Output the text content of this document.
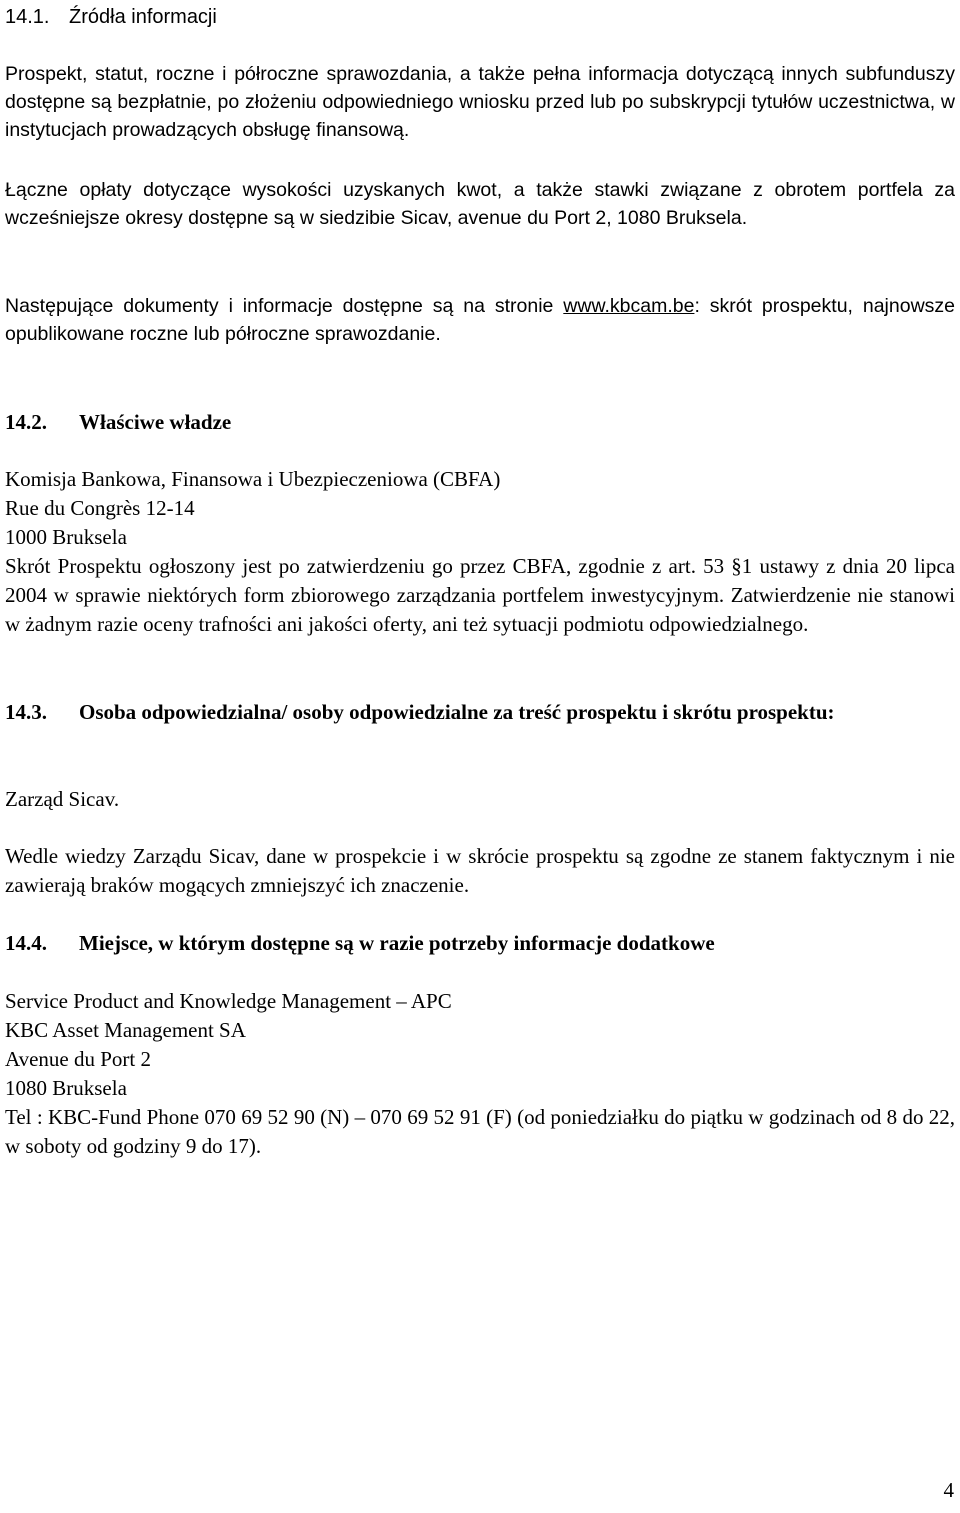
14.1. Źródła informacji

Prospekt, statut, roczne i półroczne sprawozdania, a także pełna informacja dotyczącą innych subfunduszy dostępne są bezpłatnie, po złożeniu odpowiedniego wniosku przed lub po subskrypcji tytułów uczestnictwa, w instytucjach prowadzących obsługę finansową.

Łączne opłaty dotyczące wysokości uzyskanych kwot, a także stawki związane z obrotem portfela za wcześniejsze okresy dostępne są w siedzibie Sicav, avenue du Port 2, 1080 Bruksela.

Następujące dokumenty i informacje dostępne są na stronie www.kbcam.be: skrót prospektu, najnowsze opublikowane roczne lub półroczne sprawozdanie.

14.2. Właściwe władze
Komisja Bankowa, Finansowa i Ubezpieczeniowa (CBFA)
Rue du Congrès 12-14
1000 Bruksela

Skrót Prospektu ogłoszony jest po zatwierdzeniu go przez CBFA, zgodnie z art. 53 §1 ustawy z dnia 20 lipca 2004 w sprawie niektórych form zbiorowego zarządzania portfelem inwestycyjnym. Zatwierdzenie nie stanowi w żadnym razie oceny trafności ani jakości oferty, ani też sytuacji podmiotu odpowiedzialnego.

14.3. Osoba odpowiedzialna/ osoby odpowiedzialne za treść prospektu i skrótu prospektu:

Zarząd Sicav.

Wedle wiedzy Zarządu Sicav, dane w prospekcie i w skrócie prospektu są zgodne ze stanem faktycznym i nie zawierają braków mogących zmniejszyć ich znaczenie.

14.4. Miejsce, w którym dostępne są w razie potrzeby informacje dodatkowe
Service Product and Knowledge Management – APC
KBC Asset Management SA
Avenue du Port 2
1080 Bruksela

Tel : KBC-Fund Phone 070 69 52 90 (N) – 070 69 52 91 (F) (od poniedziałku do piątku w godzinach od 8 do 22, w soboty od godziny 9 do 17).

4
